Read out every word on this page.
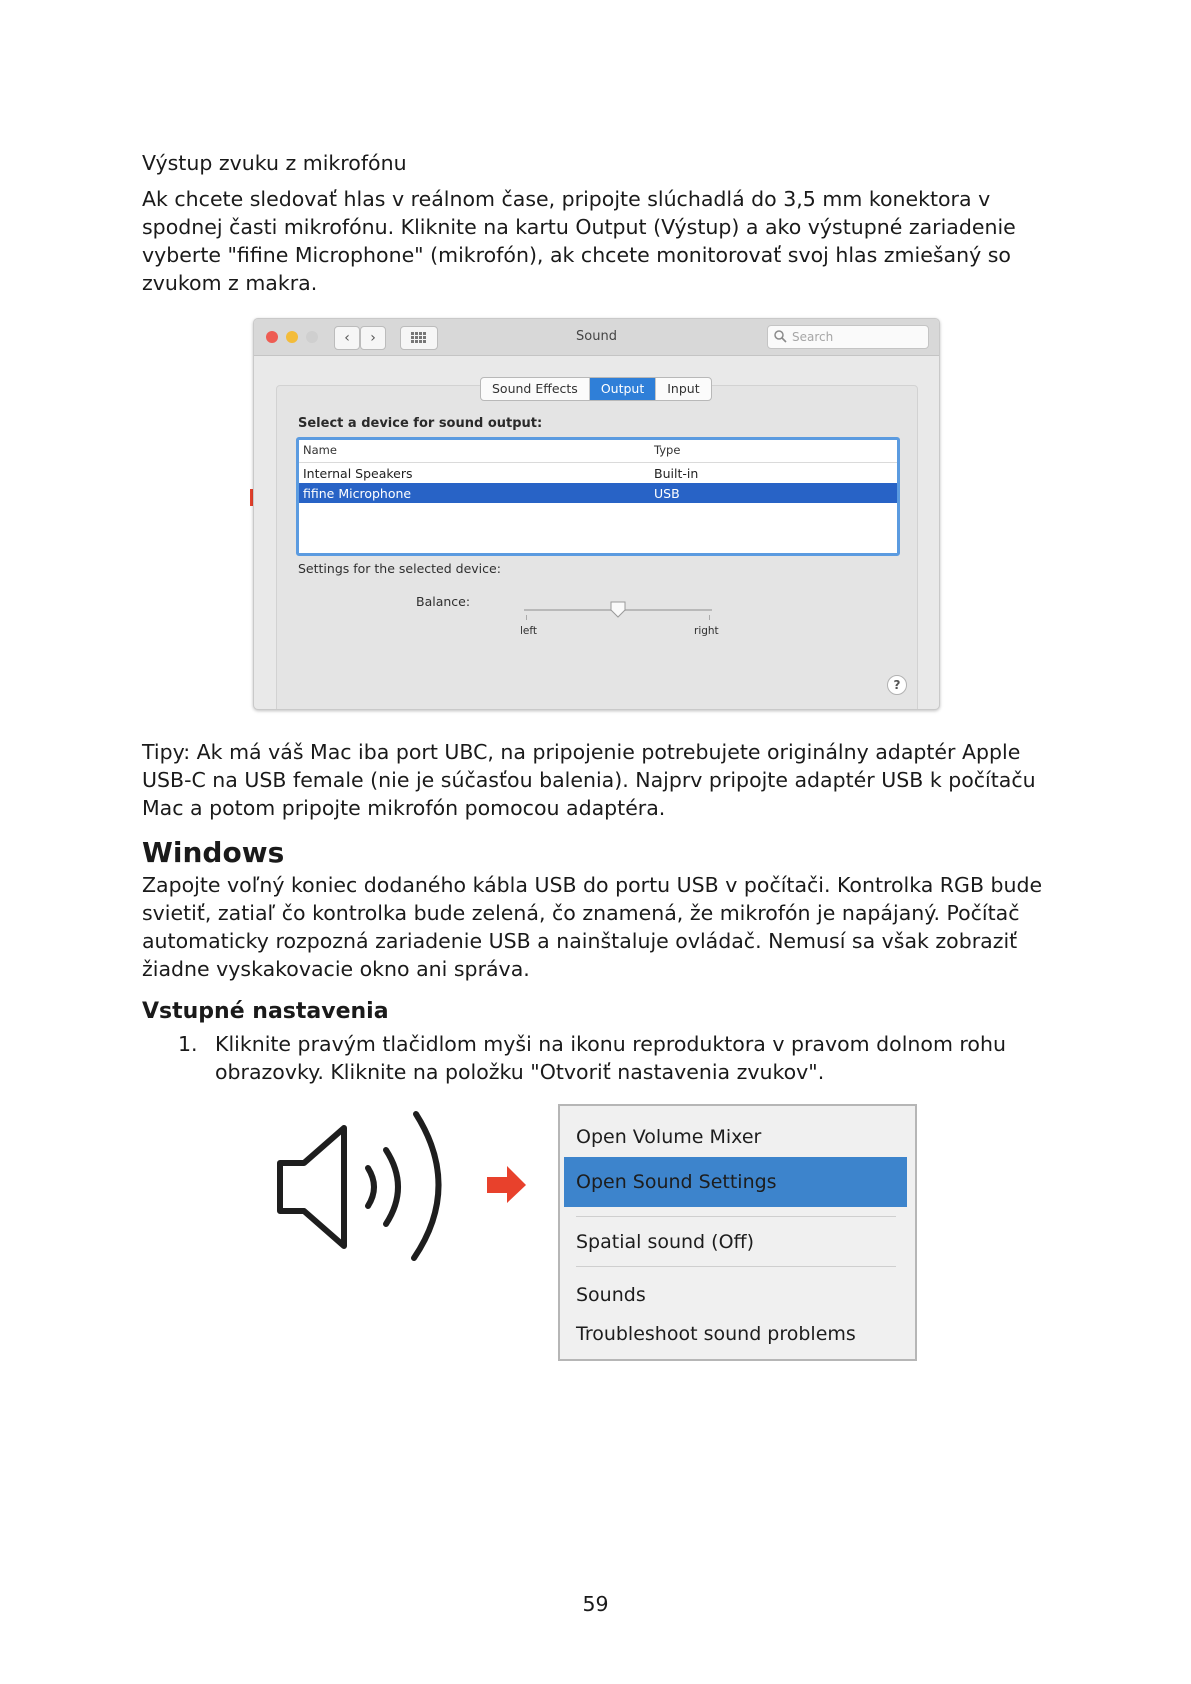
Výstup zvuku z mikrofónu

Ak chcete sledovať hlas v reálnom čase, pripojte slúchadlá do 3,5 mm konektora v spodnej časti mikrofónu. Kliknite na kartu Output (Výstup) a ako výstupné zariadenie vyberte "fifine Microphone" (mikrofón), ak chcete monitorovať svoj hlas zmiešaný so zvukom z makra.

‹	›	Sound	Search
Sound Effects	Output	Input
Select a device for sound output:
Name	Type
Internal Speakers	Built-in
fifine Microphone	USB
Settings for the selected device:
Balance:
left	right
?

Tipy: Ak má váš Mac iba port UBC, na pripojenie potrebujete originálny adaptér Apple USB-C na USB female (nie je súčasťou balenia). Najprv pripojte adaptér USB k počítaču Mac a potom pripojte mikrofón pomocou adaptéra.

Windows

Zapojte voľný koniec dodaného kábla USB do portu USB v počítači. Kontrolka RGB bude svietiť, zatiaľ čo kontrolka bude zelená, čo znamená, že mikrofón je napájaný. Počítač automaticky rozpozná zariadenie USB a nainštaluje ovládač. Nemusí sa však zobraziť žiadne vyskakovacie okno ani správa.

Vstupné nastavenia
1. Kliknite pravým tlačidlom myši na ikonu reproduktora v pravom dolnom rohu obrazovky. Kliknite na položku "Otvoriť nastavenia zvukov".
Open Volume Mixer
Open Sound Settings
Spatial sound (Off)
Sounds
Troubleshoot sound problems
59
